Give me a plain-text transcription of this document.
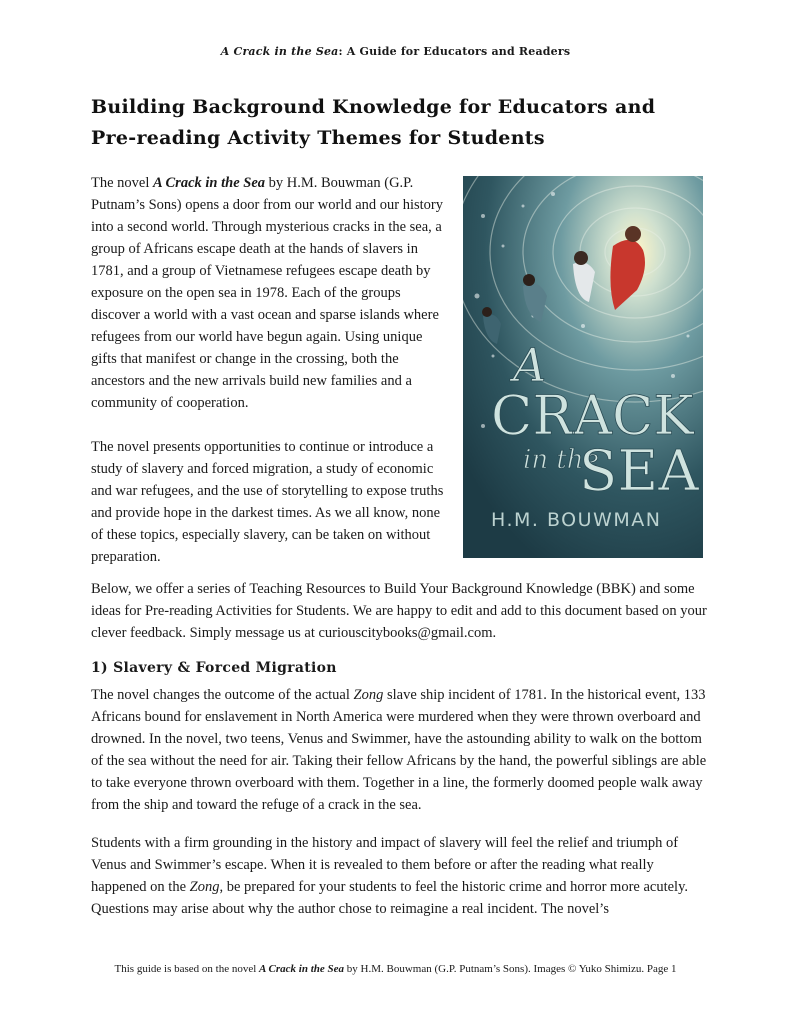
A Crack in the Sea: A Guide for Educators and Readers
Building Background Knowledge for Educators and
Pre-reading Activity Themes for Students

The novel A Crack in the Sea by H.M. Bouwman (G.P. Putnam’s Sons) opens a door from our world and our history into a second world. Through mysterious cracks in the sea, a group of Africans escape death at the hands of slavers in 1781, and a group of Vietnamese refugees escape death by exposure on the open sea in 1978. Each of the groups discover a world with a vast ocean and sparse islands where refugees from our world have begun again. Using unique gifts that manifest or change in the crossing, both the ancestors and the new arrivals build new families and a community of cooperation.

The novel presents opportunities to continue or introduce a study of slavery and forced migration, a study of economic and war refugees, and the use of storytelling to expose truths and provide hope in the darkest times. As we all know, none of these topics, especially slavery, can be taken on without preparation.

A
CRACK
in the
SEA
H.M. BOUWMAN

Below, we offer a series of Teaching Resources to Build Your Background Knowledge (BBK) and some ideas for Pre-reading Activities for Students. We are happy to edit and add to this document based on your clever feedback. Simply message us at curiouscitybooks@gmail.com.

1) Slavery & Forced Migration

The novel changes the outcome of the actual Zong slave ship incident of 1781. In the historical event, 133 Africans bound for enslavement in North America were murdered when they were thrown overboard and drowned. In the novel, two teens, Venus and Swimmer, have the astounding ability to walk on the bottom of the sea without the need for air. Taking their fellow Africans by the hand, the powerful siblings are able to take everyone thrown overboard with them. Together in a line, the formerly doomed people walk away from the ship and toward the refuge of a crack in the sea.

Students with a firm grounding in the history and impact of slavery will feel the relief and triumph of Venus and Swimmer’s escape. When it is revealed to them before or after the reading what really happened on the Zong, be prepared for your students to feel the historic crime and horror more acutely. Questions may arise about why the author chose to reimagine a real incident. The novel’s

This guide is based on the novel A Crack in the Sea by H.M. Bouwman (G.P. Putnam’s Sons). Images © Yuko Shimizu. Page 1
